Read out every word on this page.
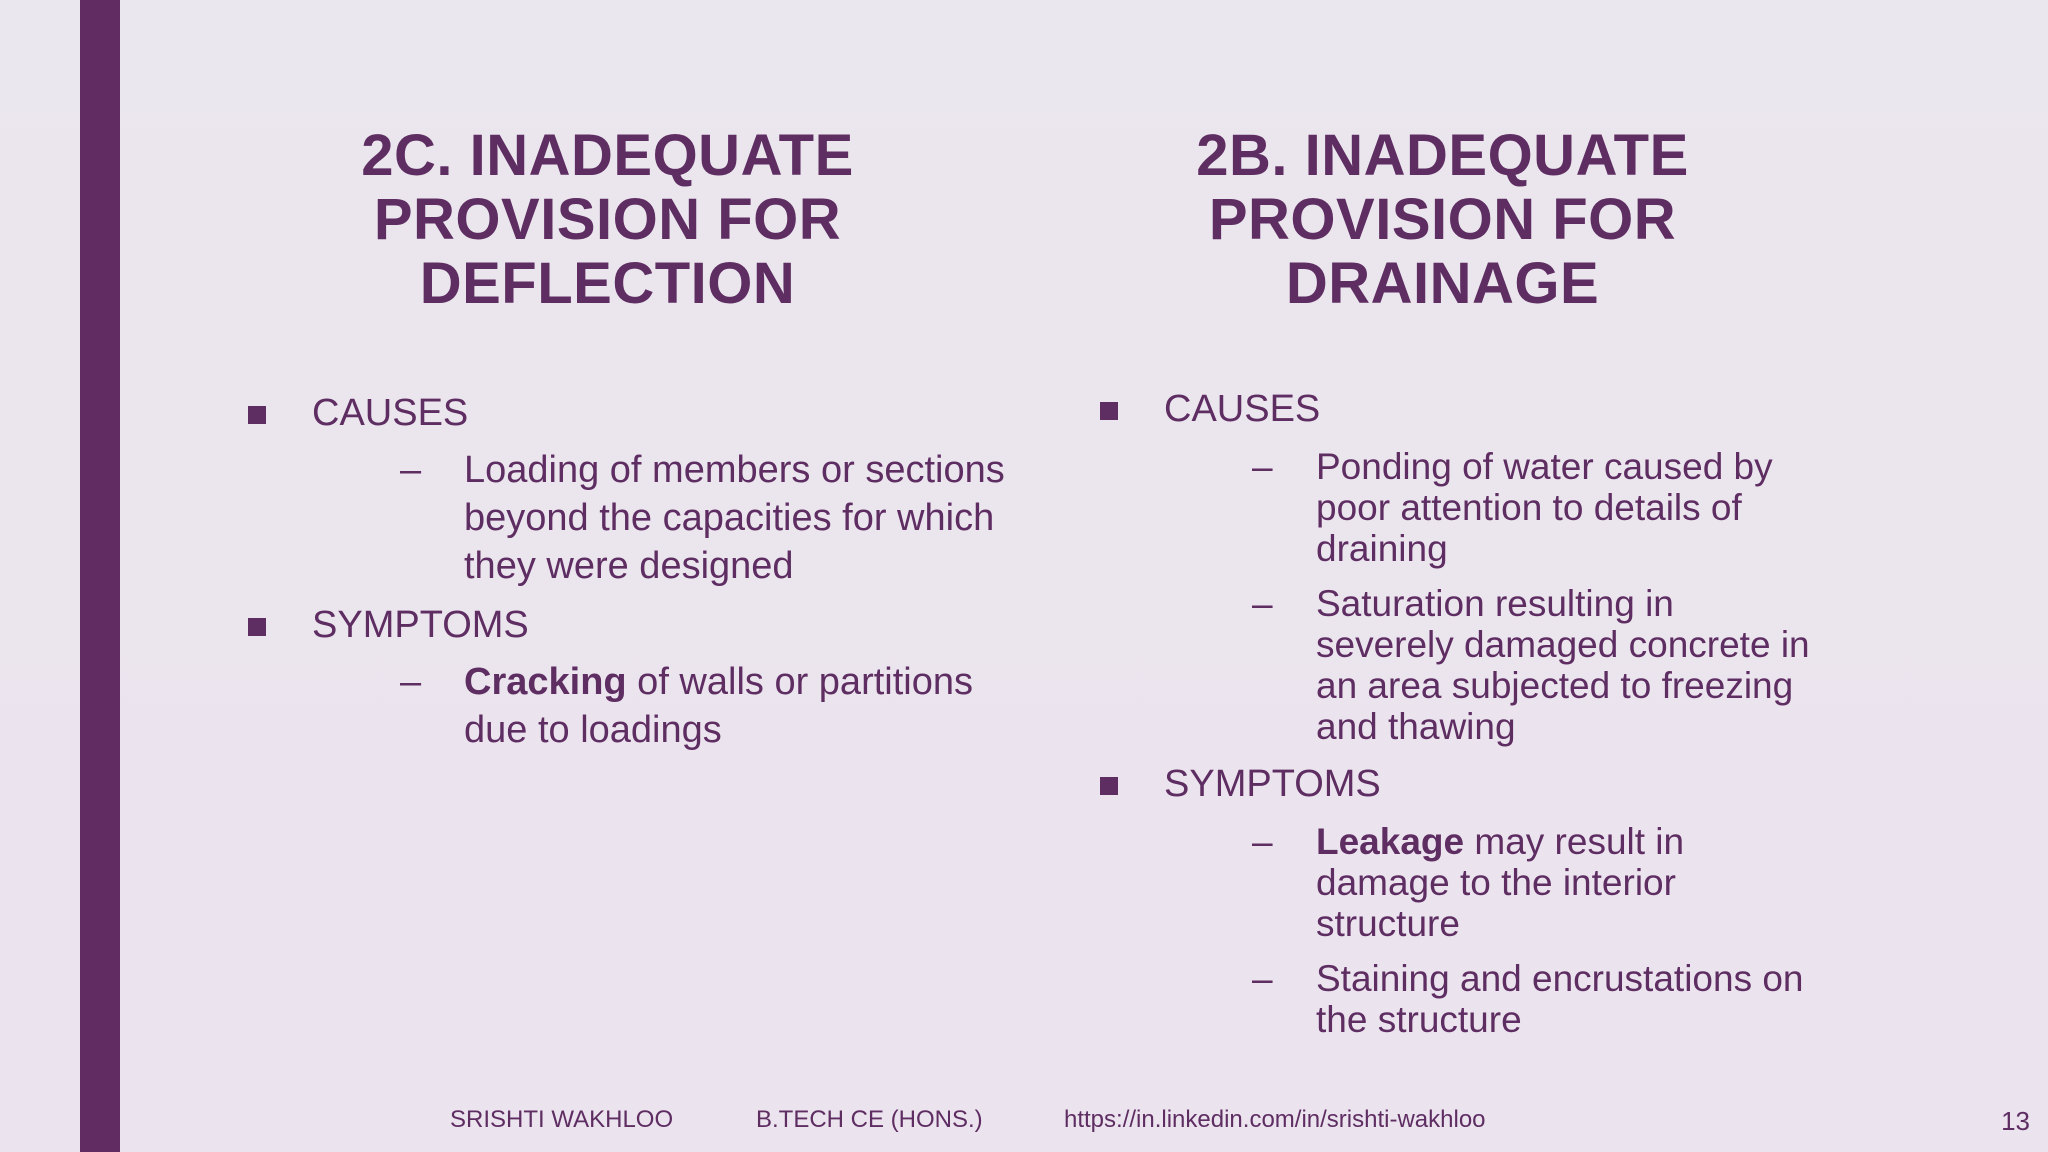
2C. INADEQUATE
PROVISION FOR
DEFLECTION
2B. INADEQUATE
PROVISION FOR
DRAINAGE
CAUSES
– Loading of members or sections beyond the capacities for which they were designed
SYMPTOMS
– Cracking of walls or partitions due to loadings
CAUSES
– Ponding of water caused by poor attention to details of draining
– Saturation resulting in severely damaged concrete in an area subjected to freezing and thawing
SYMPTOMS
– Leakage may result in damage to the interior structure
– Staining and encrustations on the structure
SRISHTI WAKHLOO	B.TECH CE (HONS.)	https://in.linkedin.com/in/srishti-wakhloo	13
